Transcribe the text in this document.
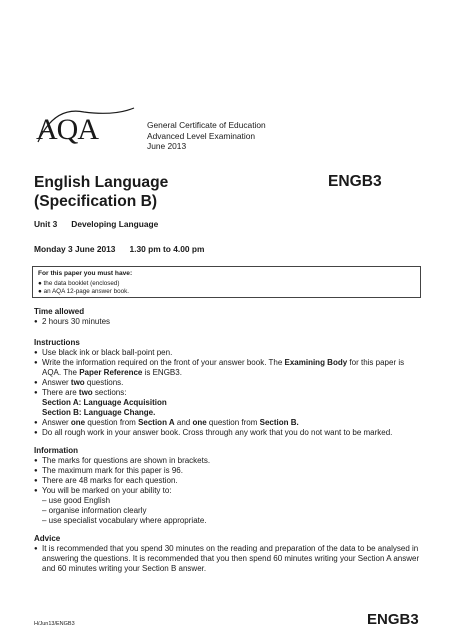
AQA	General Certificate of Education
Advanced Level Examination
June 2013
English Language
(Specification B)
ENGB3
Unit 3 Developing Language
Monday 3 June 2013 1.30 pm to 4.00 pm
For this paper you must have:
● the data booklet (enclosed)
● an AQA 12-page answer book.
Time allowed
● 2 hours 30 minutes
Instructions
● Use black ink or black ball-point pen.
● Write the information required on the front of your answer book. The Examining Body for this paper is AQA. The Paper Reference is ENGB3.
● Answer two questions.
● There are two sections:
Section A: Language Acquisition
Section B: Language Change.
● Answer one question from Section A and one question from Section B.
● Do all rough work in your answer book. Cross through any work that you do not want to be marked.
Information
● The marks for questions are shown in brackets.
● The maximum mark for this paper is 96.
● There are 48 marks for each question.
● You will be marked on your ability to:
– use good English
– organise information clearly
– use specialist vocabulary where appropriate.
Advice
● It is recommended that you spend 30 minutes on the reading and preparation of the data to be analysed in answering the questions. It is recommended that you then spend 60 minutes writing your Section A answer and 60 minutes writing your Section B answer.
H/Jun13/ENGB3	ENGB3
